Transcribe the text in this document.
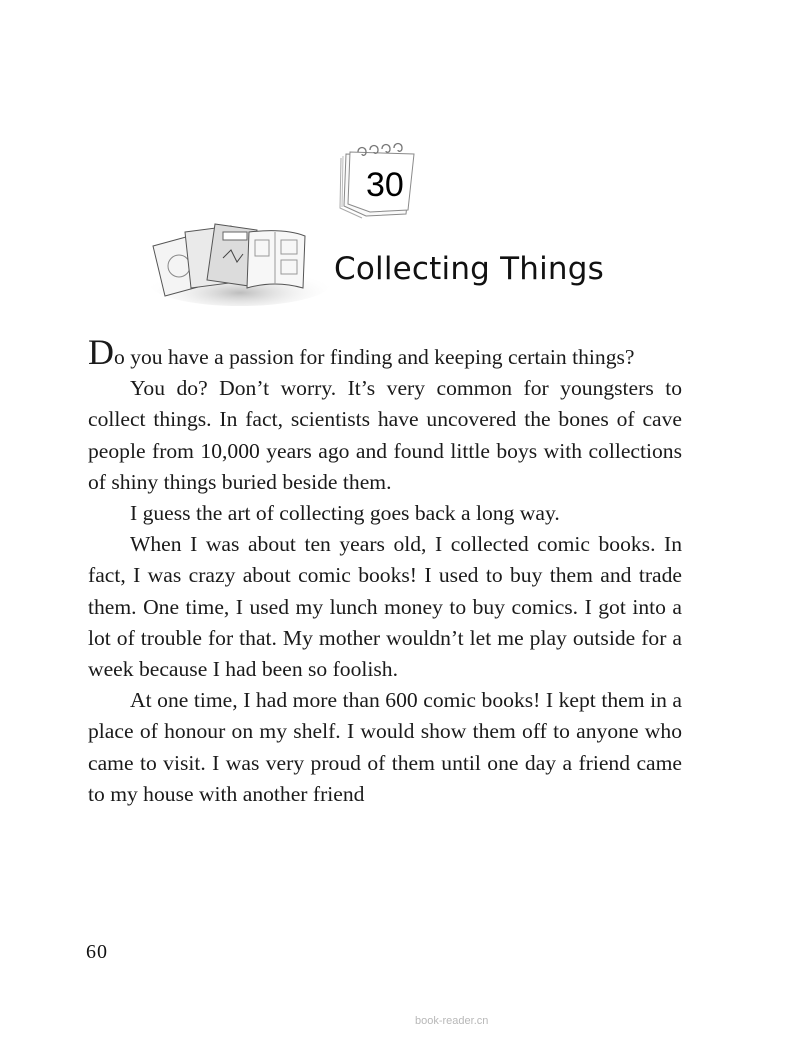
30
Collecting Things

Do you have a passion for finding and keeping certain things?

You do? Don’t worry. It’s very common for youngsters to collect things. In fact, scientists have uncovered the bones of cave people from 10,000 years ago and found little boys with collections of shiny things buried beside them.

I guess the art of collecting goes back a long way.

When I was about ten years old, I collected comic books. In fact, I was crazy about comic books! I used to buy them and trade them. One time, I used my lunch money to buy comics. I got into a lot of trouble for that. My mother wouldn’t let me play outside for a week because I had been so foolish.

At one time, I had more than 600 comic books! I kept them in a place of honour on my shelf. I would show them off to anyone who came to visit. I was very proud of them until one day a friend came to my house with another friend

60
book-reader.cn
